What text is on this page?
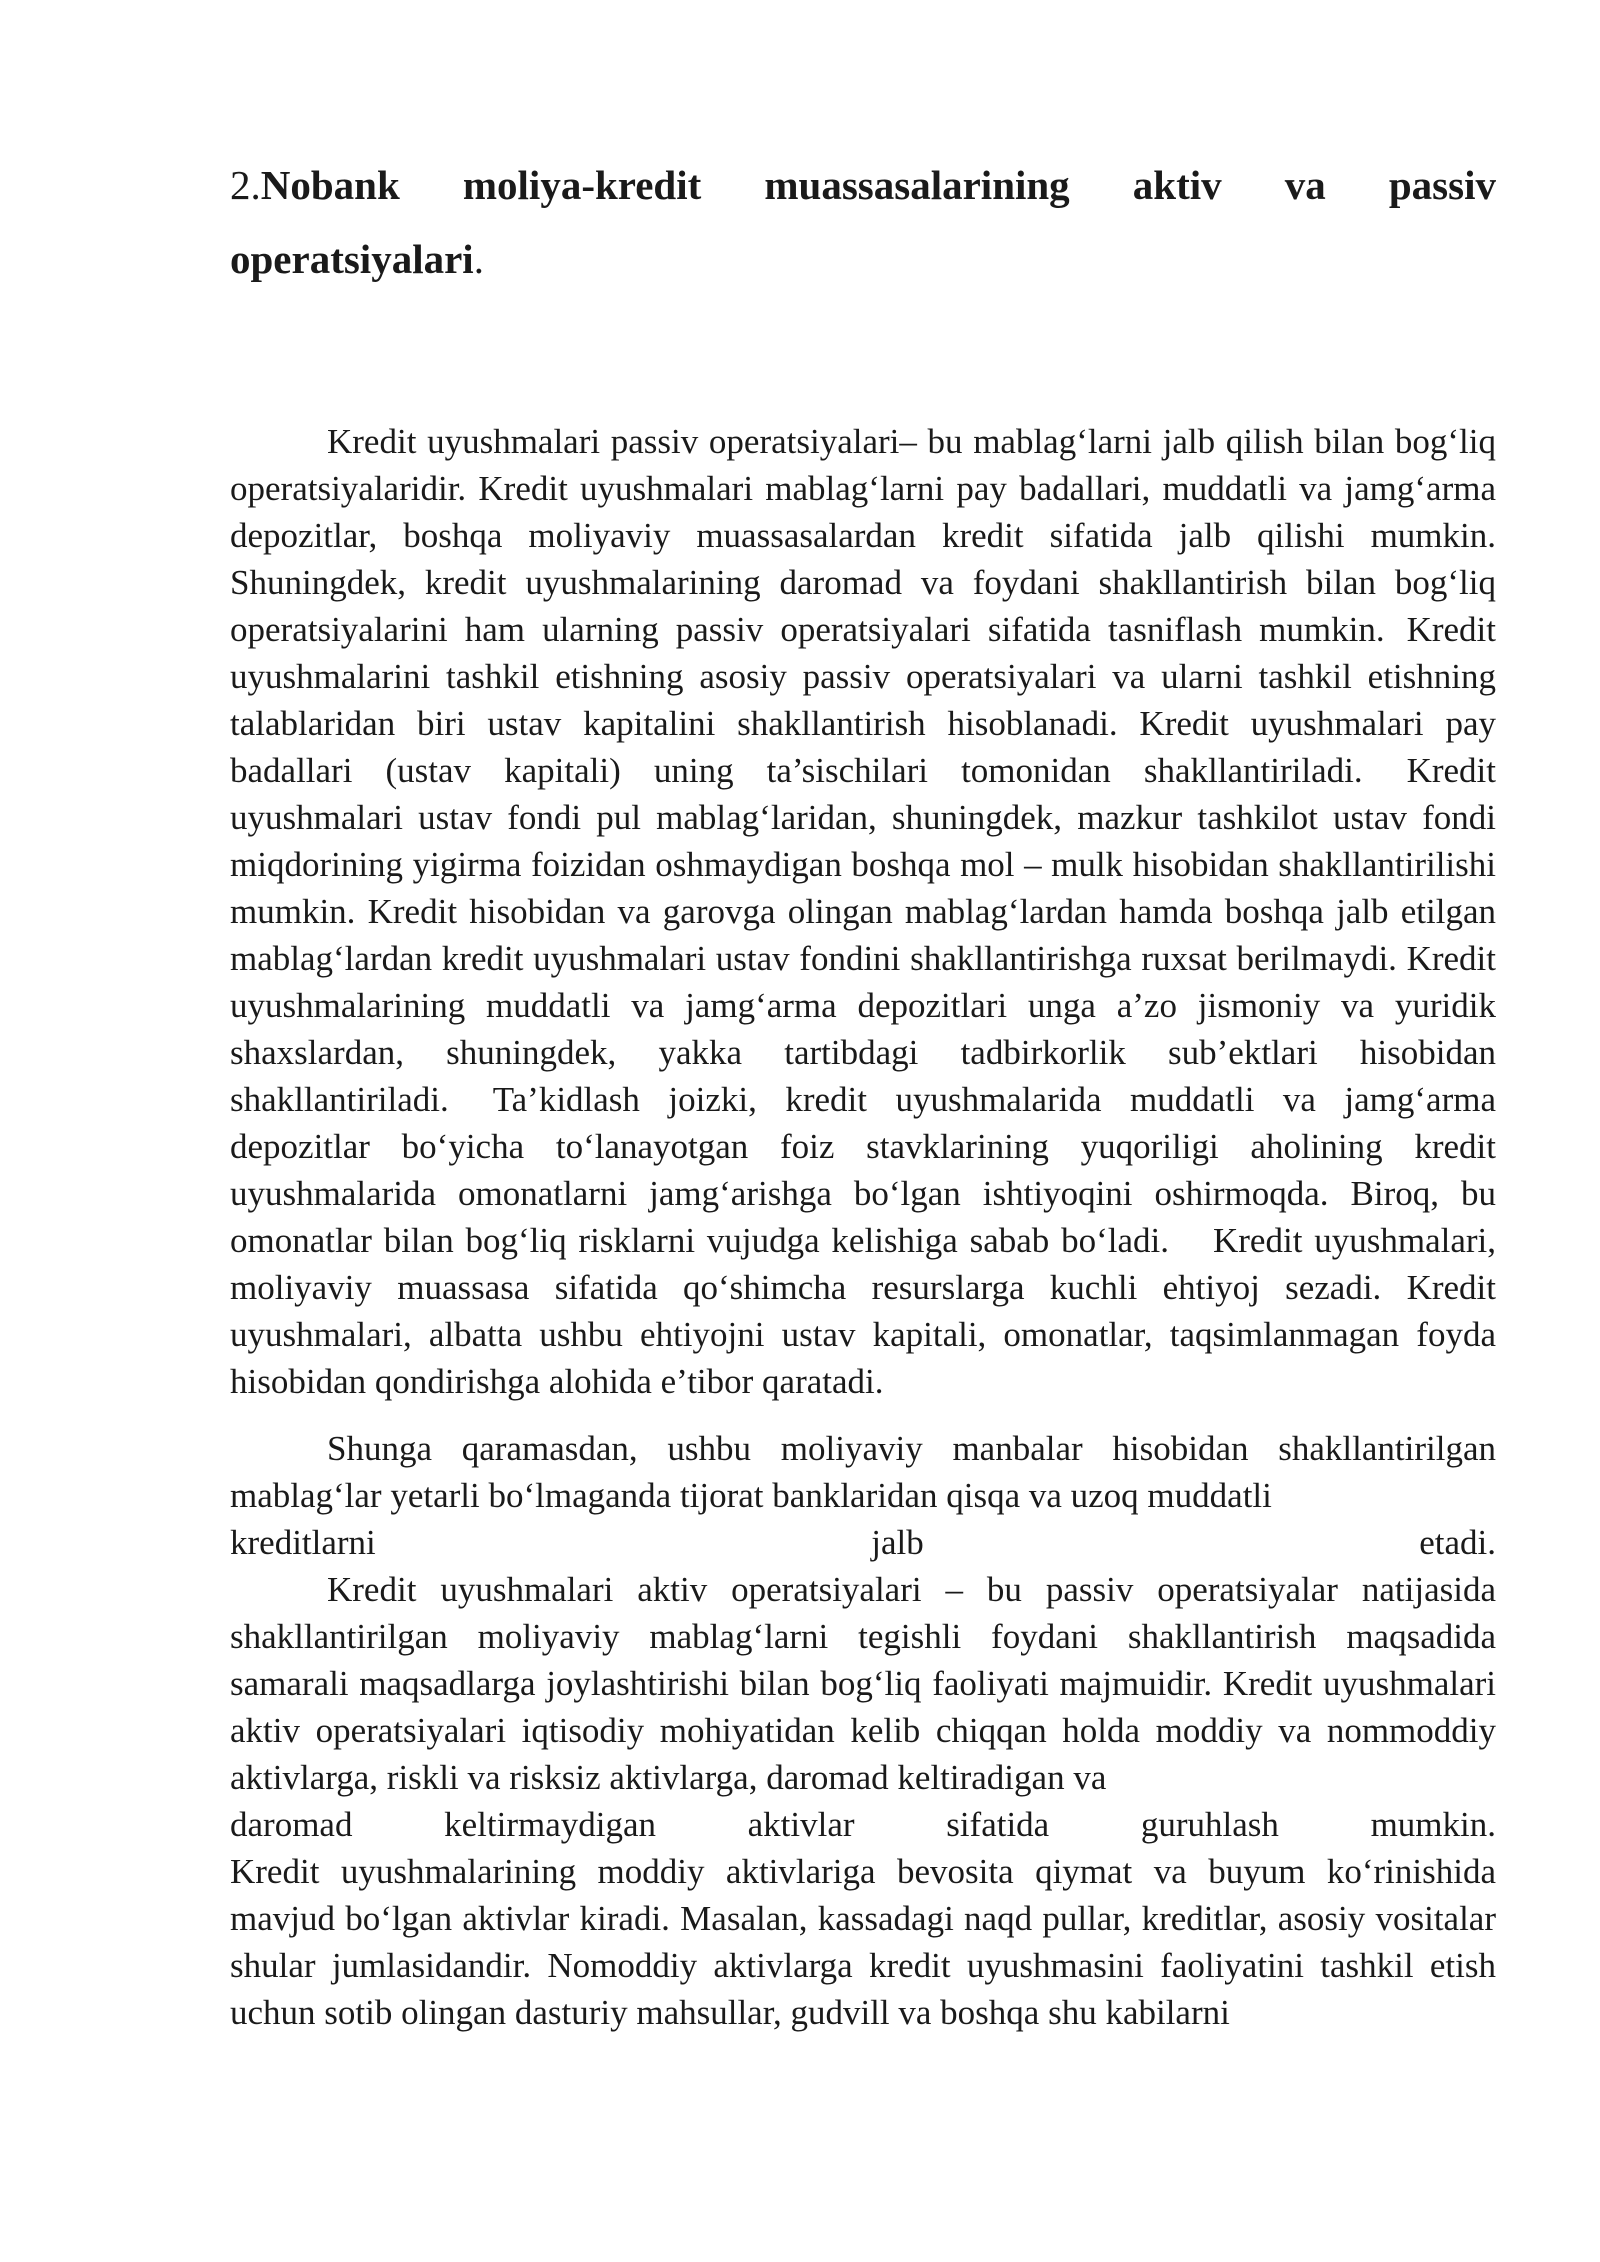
2.Nobank moliya-kredit muassasalarining aktiv va passiv

operatsiyalari.

Kredit uyushmalari passiv operatsiyalari– bu mablag‘larni jalb qilish bilan bog‘liq operatsiyalaridir. Kredit uyushmalari mablag‘larni pay badallari, muddatli va jamg‘arma depozitlar, boshqa moliyaviy muassasalardan kredit sifatida jalb qilishi mumkin. Shuningdek, kredit uyushmalarining daromad va foydani shakllantirish bilan bog‘liq operatsiyalarini ham ularning passiv operatsiyalari sifatida tasniflash mumkin. Kredit uyushmalarini tashkil etishning asosiy passiv operatsiyalari va ularni tashkil etishning talablaridan biri ustav kapitalini shakllantirish hisoblanadi. Kredit uyushmalari pay badallari (ustav kapitali) uning ta’sischilari tomonidan shakllantiriladi. Kredit uyushmalari ustav fondi pul mablag‘laridan, shuningdek, mazkur tashkilot ustav fondi miqdorining yigirma foizidan oshmaydigan boshqa mol – mulk hisobidan shakllantirilishi mumkin. Kredit hisobidan va garovga olingan mablag‘lardan hamda boshqa jalb etilgan mablag‘lardan kredit uyushmalari ustav fondini shakllantirishga ruxsat berilmaydi. Kredit uyushmalarining muddatli va jamg‘arma depozitlari unga a’zo jismoniy va yuridik shaxslardan, shuningdek, yakka tartibdagi tadbirkorlik sub’ektlari hisobidan shakllantiriladi. Ta’kidlash joizki, kredit uyushmalarida muddatli va jamg‘arma depozitlar bo‘yicha to‘lanayotgan foiz stavklarining yuqoriligi aholining kredit uyushmalarida omonatlarni jamg‘arishga bo‘lgan ishtiyoqini oshirmoqda. Biroq, bu omonatlar bilan bog‘liq risklarni vujudga kelishiga sabab bo‘ladi. Kredit uyushmalari, moliyaviy muassasa sifatida qo‘shimcha resurslarga kuchli ehtiyoj sezadi. Kredit uyushmalari, albatta ushbu ehtiyojni ustav kapitali, omonatlar, taqsimlanmagan foyda hisobidan qondirishga alohida e’tibor qaratadi.

Shunga qaramasdan, ushbu moliyaviy manbalar hisobidan shakllantirilgan mablag‘lar yetarli bo‘lmaganda tijorat banklaridan qisqa va uzoq muddatli
kreditlarni jalb etadi.

Kredit uyushmalari aktiv operatsiyalari – bu passiv operatsiyalar natijasida shakllantirilgan moliyaviy mablag‘larni tegishli foydani shakllantirish maqsadida samarali maqsadlarga joylashtirishi bilan bog‘liq faoliyati majmuidir. Kredit uyushmalari aktiv operatsiyalari iqtisodiy mohiyatidan kelib chiqqan holda moddiy va nommoddiy aktivlarga, riskli va risksiz aktivlarga, daromad keltiradigan va
daromad keltirmaydigan aktivlar sifatida guruhlash mumkin.
Kredit uyushmalarining moddiy aktivlariga bevosita qiymat va buyum ko‘rinishida mavjud bo‘lgan aktivlar kiradi. Masalan, kassadagi naqd pullar, kreditlar, asosiy vositalar shular jumlasidandir. Nomoddiy aktivlarga kredit uyushmasini faoliyatini tashkil etish uchun sotib olingan dasturiy mahsullar, gudvill va boshqa shu kabilarni
